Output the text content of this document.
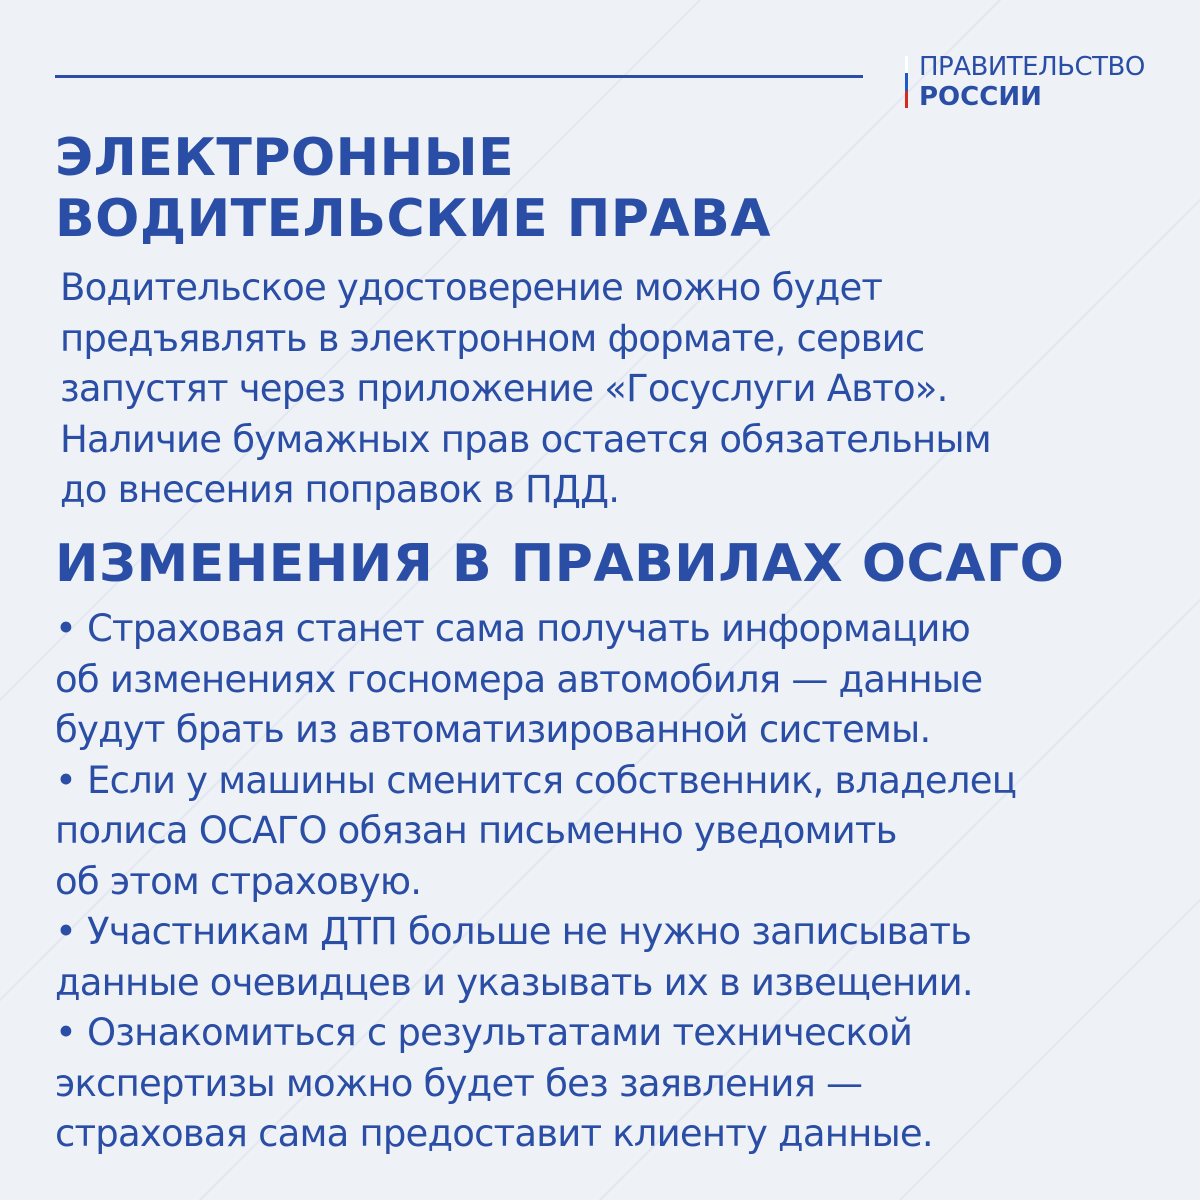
ПРАВИТЕЛЬСТВО
РОССИИ
ЭЛЕКТРОННЫЕ
ВОДИТЕЛЬСКИЕ ПРАВА

Водительское удостоверение можно будет
предъявлять в электронном формате, сервис
запустят через приложение «Госуслуги Авто».
Наличие бумажных прав остается обязательным
до внесения поправок в ПДД.

ИЗМЕНЕНИЯ В ПРАВИЛАХ ОСАГО
• Страховая станет сама получать информацию
об изменениях госномера автомобиля — данные
будут брать из автоматизированной системы.
• Если у машины сменится собственник, владелец
полиса ОСАГО обязан письменно уведомить
об этом страховую.
• Участникам ДТП больше не нужно записывать
данные очевидцев и указывать их в извещении.
• Ознакомиться с результатами технической
экспертизы можно будет без заявления —
страховая сама предоставит клиенту данные.
